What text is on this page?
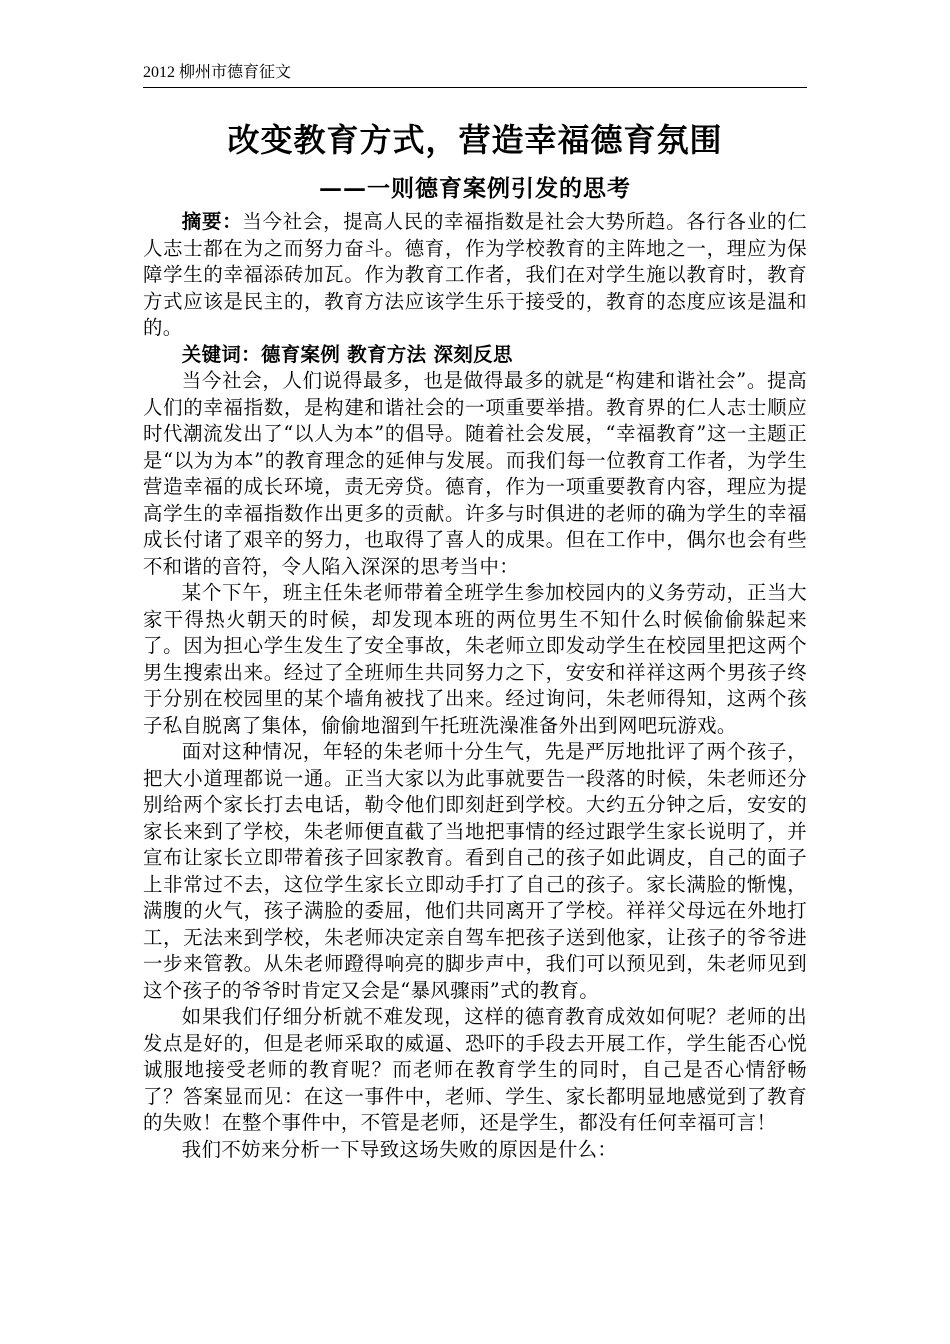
2012 柳州市德育征文
改变教育方式，营造幸福德育氛围
——一则德育案例引发的思考

摘要：当今社会，提高人民的幸福指数是社会大势所趋。各行各业的仁人志士都在为之而努力奋斗。德育，作为学校教育的主阵地之一，理应为保障学生的幸福添砖加瓦。作为教育工作者，我们在对学生施以教育时，教育方式应该是民主的，教育方法应该学生乐于接受的，教育的态度应该是温和的。

关键词：德育案例 教育方法 深刻反思

当今社会，人们说得最多，也是做得最多的就是“构建和谐社会”。提高人们的幸福指数，是构建和谐社会的一项重要举措。教育界的仁人志士顺应时代潮流发出了“以人为本”的倡导。随着社会发展，“幸福教育”这一主题正是“以为为本”的教育理念的延伸与发展。而我们每一位教育工作者，为学生营造幸福的成长环境，责无旁贷。德育，作为一项重要教育内容，理应为提高学生的幸福指数作出更多的贡献。许多与时俱进的老师的确为学生的幸福成长付诸了艰辛的努力，也取得了喜人的成果。但在工作中，偶尔也会有些不和谐的音符，令人陷入深深的思考当中：

某个下午，班主任朱老师带着全班学生参加校园内的义务劳动，正当大家干得热火朝天的时候，却发现本班的两位男生不知什么时候偷偷躲起来了。因为担心学生发生了安全事故，朱老师立即发动学生在校园里把这两个男生搜索出来。经过了全班师生共同努力之下，安安和祥祥这两个男孩子终于分别在校园里的某个墙角被找了出来。经过询问，朱老师得知，这两个孩子私自脱离了集体，偷偷地溜到午托班洗澡准备外出到网吧玩游戏。

面对这种情况，年轻的朱老师十分生气，先是严厉地批评了两个孩子，把大小道理都说一通。正当大家以为此事就要告一段落的时候，朱老师还分别给两个家长打去电话，勒令他们即刻赶到学校。大约五分钟之后，安安的家长来到了学校，朱老师便直截了当地把事情的经过跟学生家长说明了，并宣布让家长立即带着孩子回家教育。看到自己的孩子如此调皮，自己的面子上非常过不去，这位学生家长立即动手打了自己的孩子。家长满脸的惭愧，满腹的火气，孩子满脸的委屈，他们共同离开了学校。祥祥父母远在外地打工，无法来到学校，朱老师决定亲自驾车把孩子送到他家，让孩子的爷爷进一步来管教。从朱老师蹬得响亮的脚步声中，我们可以预见到，朱老师见到这个孩子的爷爷时肯定又会是“暴风骤雨”式的教育。

如果我们仔细分析就不难发现，这样的德育教育成效如何呢？老师的出发点是好的，但是老师采取的威逼、恐吓的手段去开展工作，学生能否心悦诚服地接受老师的教育呢？而老师在教育学生的同时，自己是否心情舒畅了？答案显而见：在这一事件中，老师、学生、家长都明显地感觉到了教育的失败！在整个事件中，不管是老师，还是学生，都没有任何幸福可言！

我们不妨来分析一下导致这场失败的原因是什么：
